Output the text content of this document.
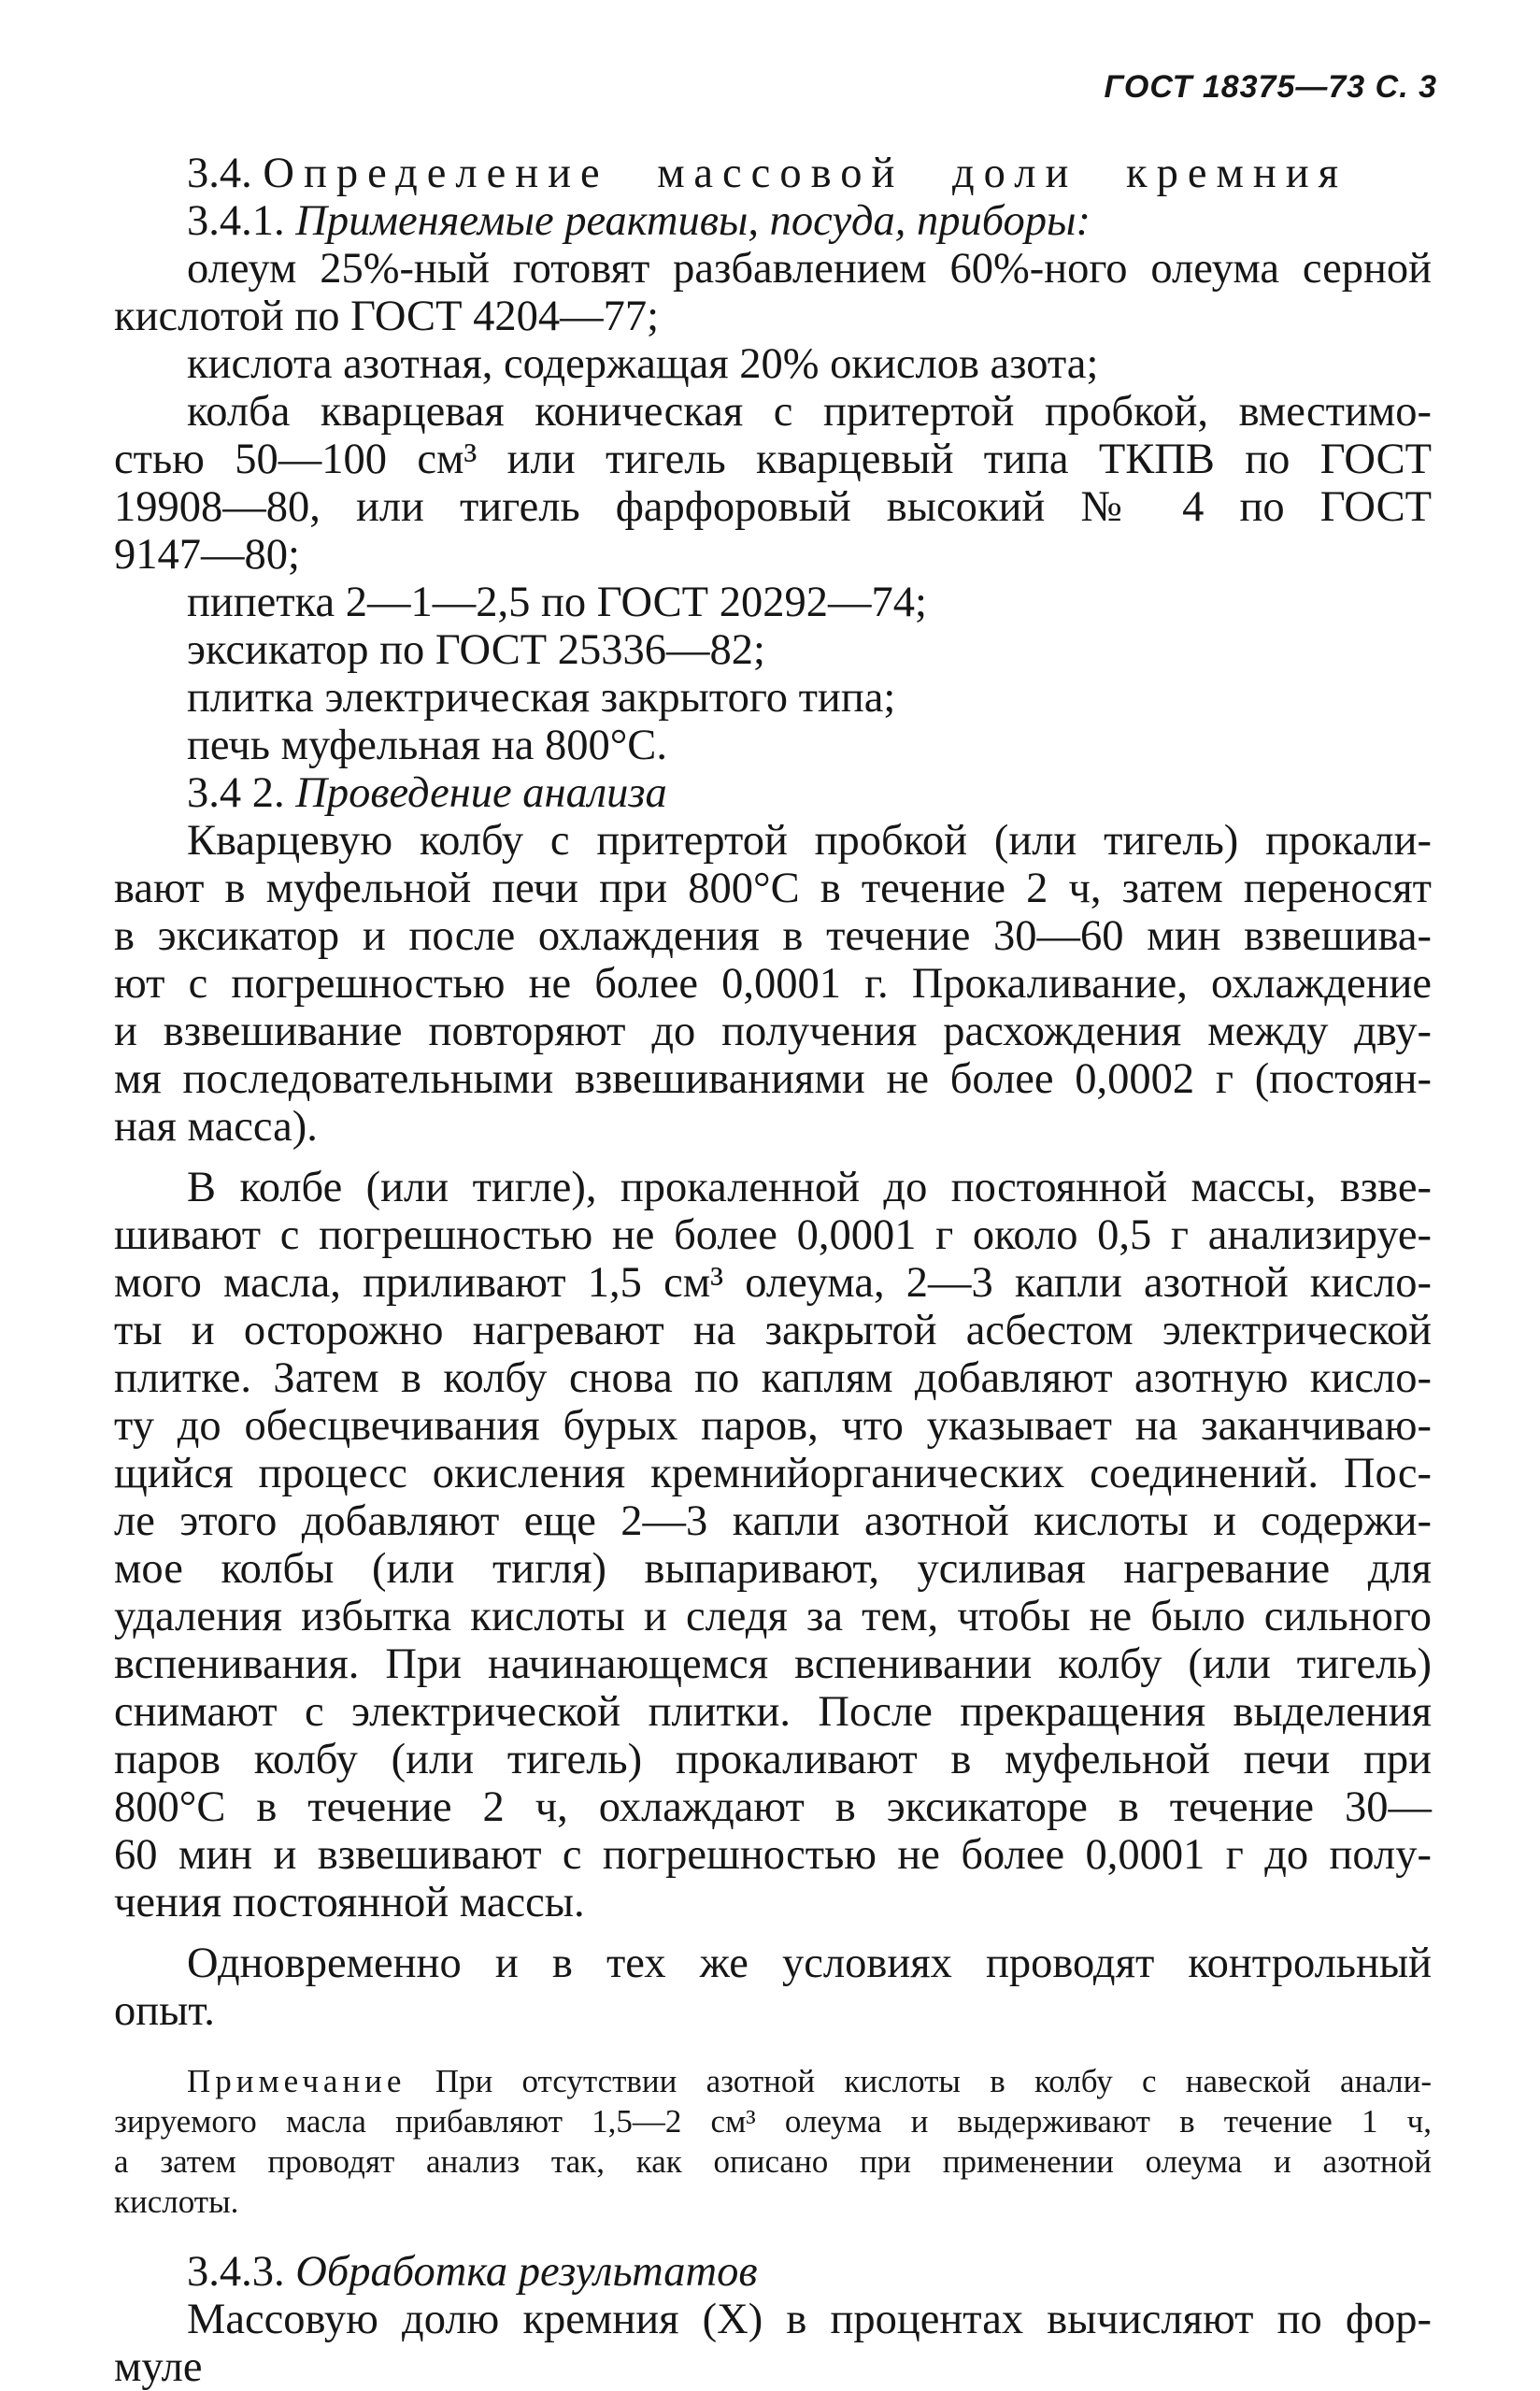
ГОСТ 18375—73 С. 3
3.4. Определение массовой доли кремния
3.4.1. Применяемые реактивы, посуда, приборы:
олеум 25%-ный готовят разбавлением 60%-ного олеума серной
кислотой по ГОСТ 4204—77;
кислота азотная, содержащая 20% окислов азота;
колба кварцевая коническая с притертой пробкой, вместимо-
стью 50—100 см³ или тигель кварцевый типа ТКПВ по ГОСТ
19908—80, или тигель фарфоровый высокий № 4 по ГОСТ
9147—80;
пипетка 2—1—2,5 по ГОСТ 20292—74;
эксикатор по ГОСТ 25336—82;
плитка электрическая закрытого типа;
печь муфельная на 800°С.
3.4 2. Проведение анализа
Кварцевую колбу с притертой пробкой (или тигель) прокали-
вают в муфельной печи при 800°С в течение 2 ч, затем переносят
в эксикатор и после охлаждения в течение 30—60 мин взвешива-
ют с погрешностью не более 0,0001 г. Прокаливание, охлаждение
и взвешивание повторяют до получения расхождения между дву-
мя последовательными взвешиваниями не более 0,0002 г (постоян-
ная масса).
В колбе (или тигле), прокаленной до постоянной массы, взве-
шивают с погрешностью не более 0,0001 г около 0,5 г анализируе-
мого масла, приливают 1,5 см³ олеума, 2—3 капли азотной кисло-
ты и осторожно нагревают на закрытой асбестом электрической
плитке. Затем в колбу снова по каплям добавляют азотную кисло-
ту до обесцвечивания бурых паров, что указывает на заканчиваю-
щийся процесс окисления кремнийорганических соединений. Пос-
ле этого добавляют еще 2—3 капли азотной кислоты и содержи-
мое колбы (или тигля) выпаривают, усиливая нагревание для
удаления избытка кислоты и следя за тем, чтобы не было сильного
вспенивания. При начинающемся вспенивании колбу (или тигель)
снимают с электрической плитки. После прекращения выделения
паров колбу (или тигель) прокаливают в муфельной печи при
800°С в течение 2 ч, охлаждают в эксикаторе в течение 30—
60 мин и взвешивают с погрешностью не более 0,0001 г до полу-
чения постоянной массы.
Одновременно и в тех же условиях проводят контрольный
опыт.
Примечание При отсутствии азотной кислоты в колбу с навеской анали-
зируемого масла прибавляют 1,5—2 см³ олеума и выдерживают в течение 1 ч,
а затем проводят анализ так, как описано при применении олеума и азотной
кислоты.
3.4.3. Обработка результатов
Массовую долю кремния (X) в процентах вычисляют по фор-
муле
